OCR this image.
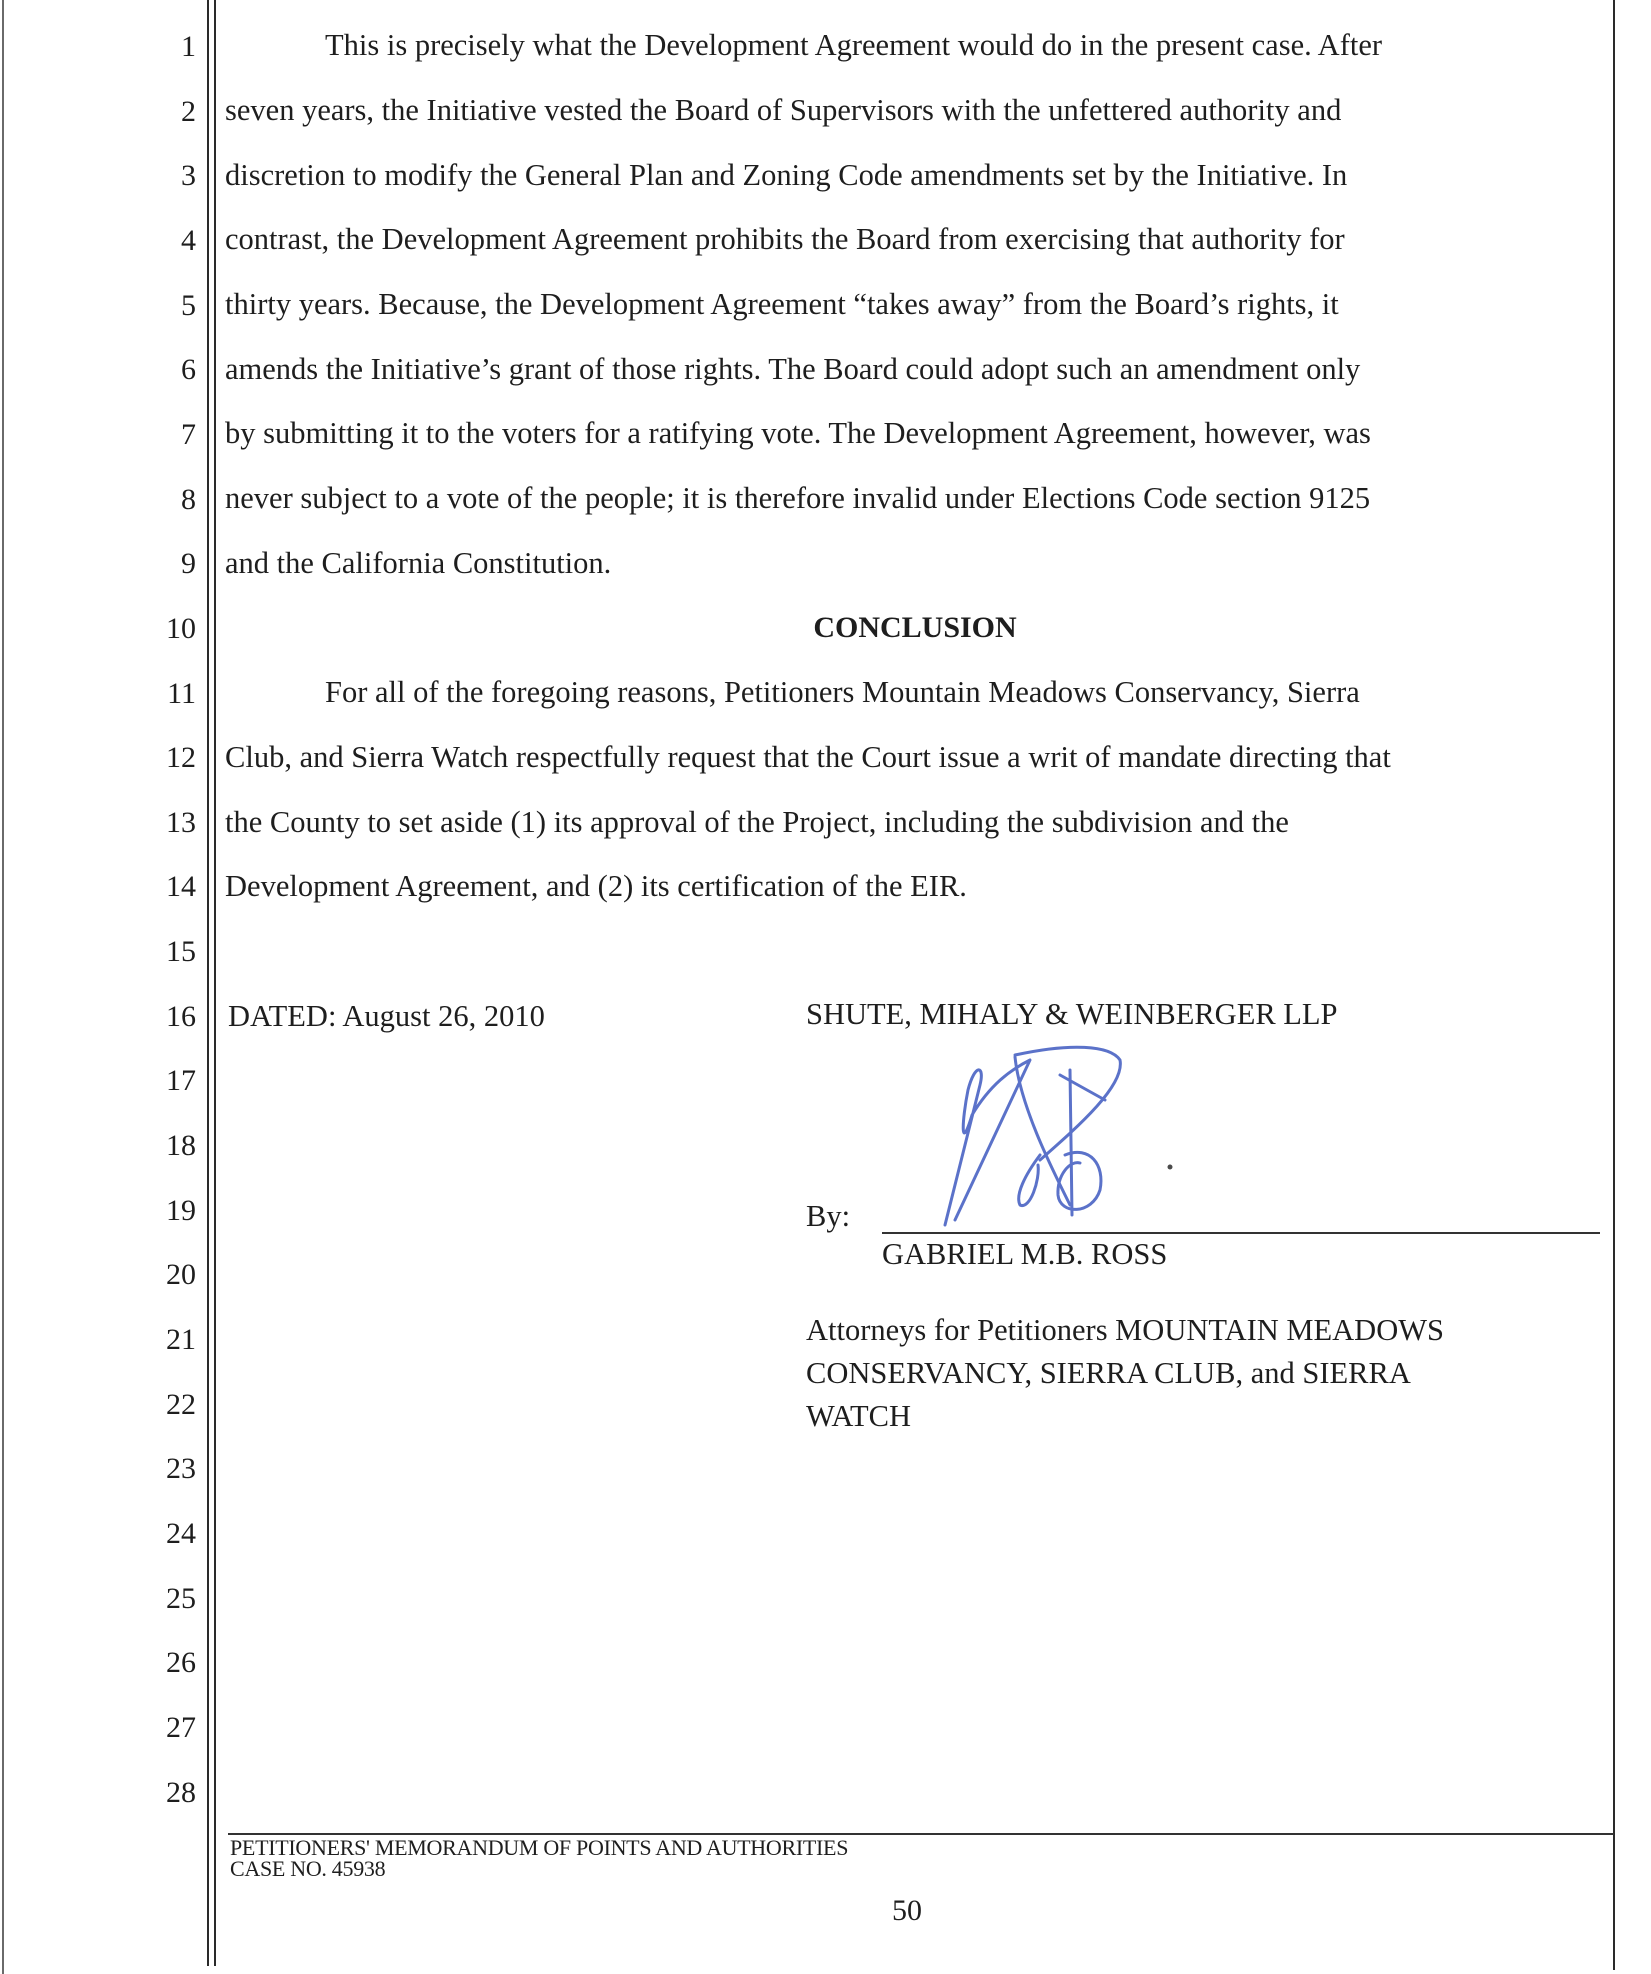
1
2
3
4
5
6
7
8
9
10
11
12
13
14
15
16
17
18
19
20
21
22
23
24
25
26
27
28
This is precisely what the Development Agreement would do in the present case. After
seven years, the Initiative vested the Board of Supervisors with the unfettered authority and
discretion to modify the General Plan and Zoning Code amendments set by the Initiative. In
contrast, the Development Agreement prohibits the Board from exercising that authority for
thirty years. Because, the Development Agreement “takes away” from the Board’s rights, it
amends the Initiative’s grant of those rights. The Board could adopt such an amendment only
by submitting it to the voters for a ratifying vote. The Development Agreement, however, was
never subject to a vote of the people; it is therefore invalid under Elections Code section 9125
and the California Constitution.
CONCLUSION
For all of the foregoing reasons, Petitioners Mountain Meadows Conservancy, Sierra
Club, and Sierra Watch respectfully request that the Court issue a writ of mandate directing that
the County to set aside (1) its approval of the Project, including the subdivision and the
Development Agreement, and (2) its certification of the EIR.
DATED: August 26, 2010	SHUTE, MIHALY & WEINBERGER LLP
By:
GABRIEL M.B. ROSS
Attorneys for Petitioners MOUNTAIN MEADOWS
CONSERVANCY, SIERRA CLUB, and SIERRA
WATCH
PETITIONERS' MEMORANDUM OF POINTS AND AUTHORITIES
CASE NO. 45938
50
